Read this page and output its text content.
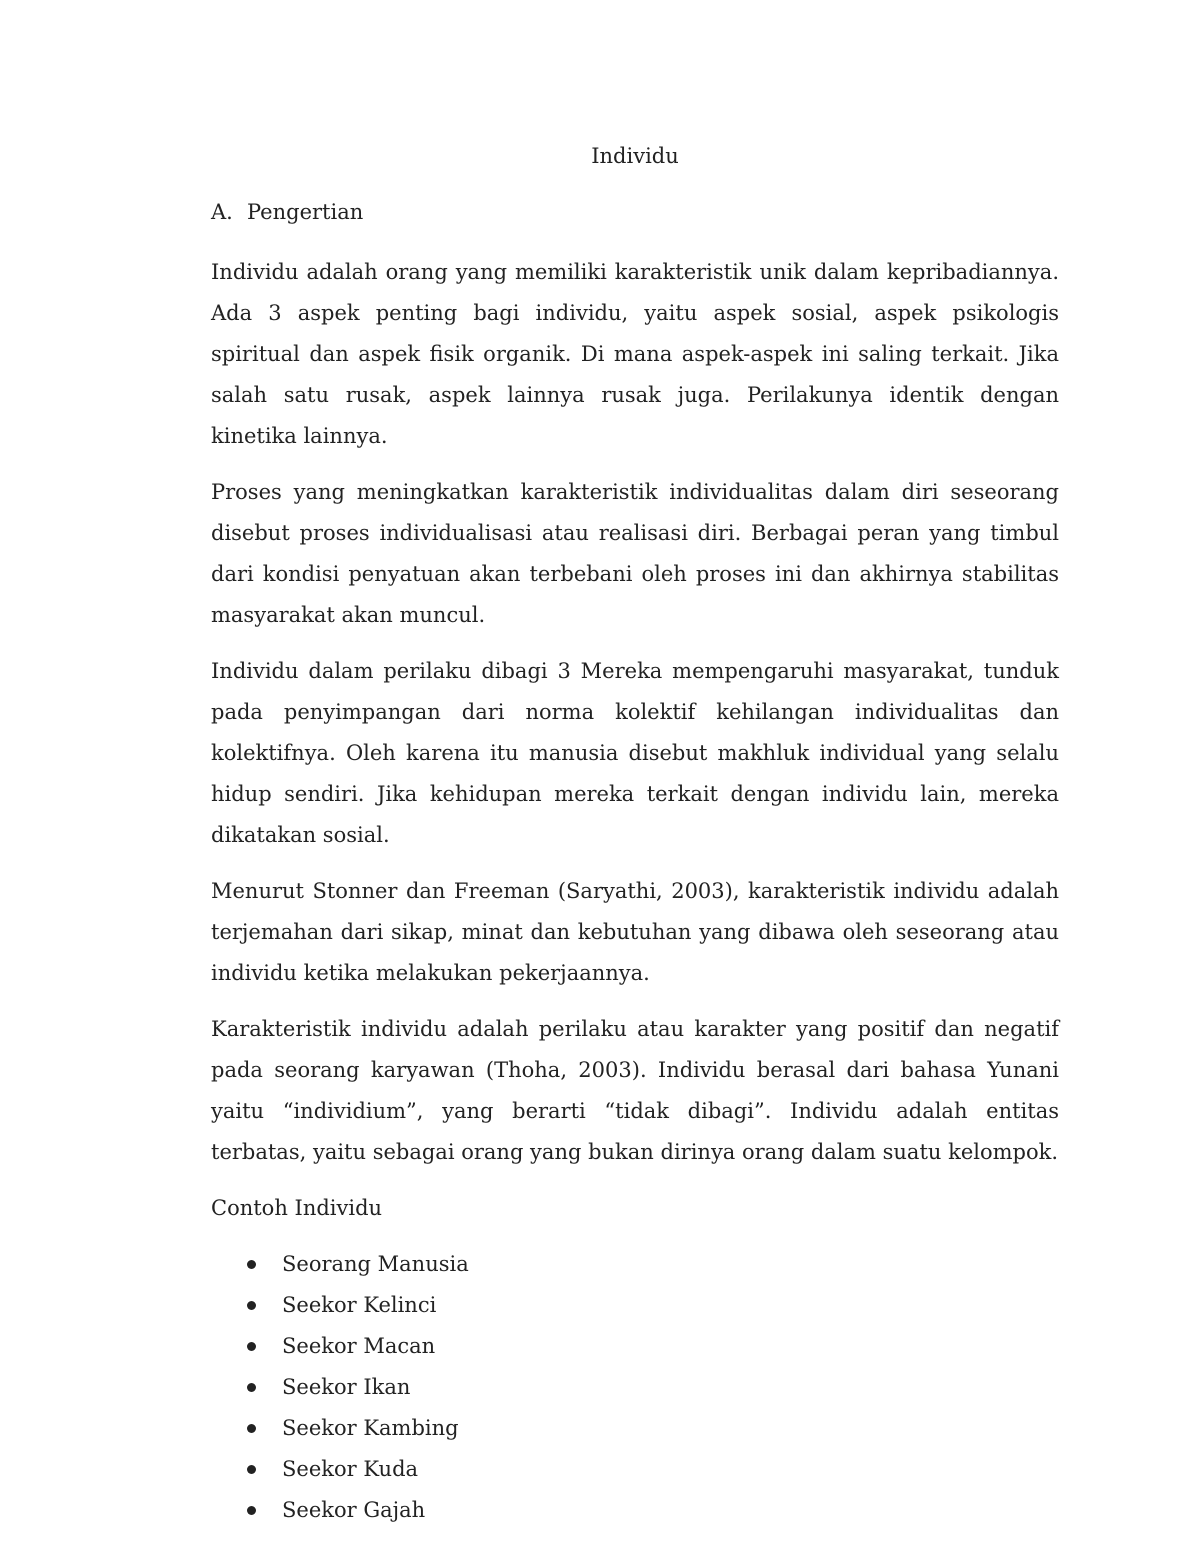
Individu
A. Pengertian

Individu adalah orang yang memiliki karakteristik unik dalam kepribadiannya. Ada 3 aspek penting bagi individu, yaitu aspek sosial, aspek psikologis spiritual dan aspek fisik organik. Di mana aspek-aspek ini saling terkait. Jika salah satu rusak, aspek lainnya rusak juga. Perilakunya identik dengan kinetika lainnya.

Proses yang meningkatkan karakteristik individualitas dalam diri seseorang disebut proses individualisasi atau realisasi diri. Berbagai peran yang timbul dari kondisi penyatuan akan terbebani oleh proses ini dan akhirnya stabilitas masyarakat akan muncul.

Individu dalam perilaku dibagi 3 Mereka mempengaruhi masyarakat, tunduk pada penyimpangan dari norma kolektif kehilangan individualitas dan kolektifnya. Oleh karena itu manusia disebut makhluk individual yang selalu hidup sendiri. Jika kehidupan mereka terkait dengan individu lain, mereka dikatakan sosial.

Menurut Stonner dan Freeman (Saryathi, 2003), karakteristik individu adalah terjemahan dari sikap, minat dan kebutuhan yang dibawa oleh seseorang atau individu ketika melakukan pekerjaannya.

Karakteristik individu adalah perilaku atau karakter yang positif dan negatif pada seorang karyawan (Thoha, 2003). Individu berasal dari bahasa Yunani yaitu “individium”, yang berarti “tidak dibagi”. Individu adalah entitas terbatas, yaitu sebagai orang yang bukan dirinya orang dalam suatu kelompok.

Contoh Individu
Seorang Manusia
Seekor Kelinci
Seekor Macan
Seekor Ikan
Seekor Kambing
Seekor Kuda
Seekor Gajah
